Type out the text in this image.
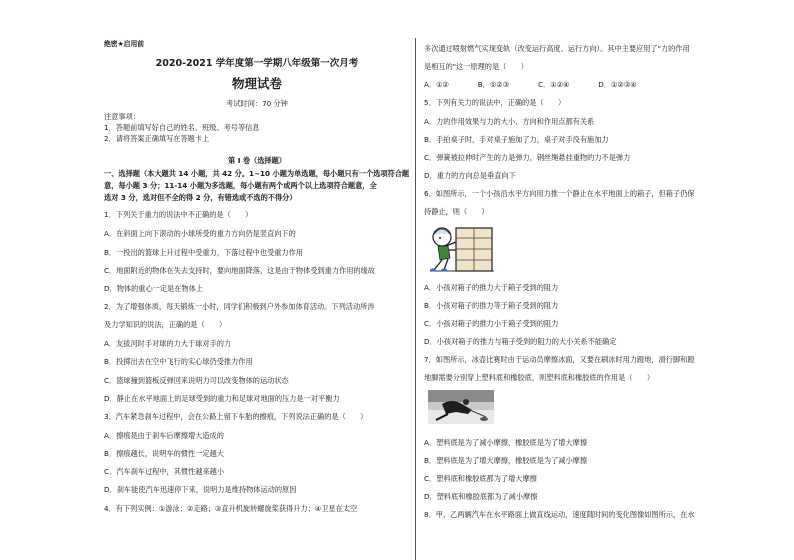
绝密★启用前
2020-2021 学年度第一学期八年级第一次月考
物理试卷
考试时间：70 分钟
注意事项：
1．答题前填写好自己的姓名、班级、考号等信息
2．请将答案正确填写在答题卡上
第 I 卷（选择题）
一、选择题（本大题共 14 小题，共 42 分。1~10 小题为单选题，每小题只有一个选项符合题
意，每小题 3 分；11-14 小题为多选题，每小题有两个或两个以上选项符合题意，全
选对 3 分，选对但不全的得 2 分，有错选或不选的不得分）
1．下列关于重力的说法中不正确的是（　　）
A．在斜面上向下滚动的小球所受的重力方向仍是竖直向下的
B．一投出的篮球上升过程中受重力，下落过程中也受重力作用
C．地面附近的物体在失去支持时，要向地面降落，这是由于物体受到重力作用的缘故
D．物体的重心一定是在物体上
2．为了增强体质，每天锻炼一小时，同学们积极到户外参加体育活动。下列活动所涉
及力学知识的说法，正确的是（　　）
A．友拔河时手对球的力大于球对手的力
B．投掷出去在空中飞行的实心球仍受推力作用
C．篮球撞到篮板反弹回来说明力可以改变物体的运动状态
D．静止在水平地面上的足球受到的重力和足球对地面的压力是一对平衡力
3．汽车紧急刹车过程中，会在公路上留下车胎的擦痕，下列说法正确的是（　　）
A．擦痕是由于刹车后摩擦增大造成的
B．擦痕越长，说明车的惯性一定越大
C．汽车刹车过程中，其惯性越来越小
D．刹车能使汽车迅速停下来，说明力是维持物体运动的原因
4．有下列实例：①游泳；②走路；③直升机旋转螺旋桨获得升力；④卫星在太空
多次通过喷射燃气实现变轨（改变运行高度、运行方向）。其中主要应用了"力的作用
是相互的"这一原理的是（　　）
A．①②　　　　B．①②③　　　　C．①②④　　　　D．①②③④
5．下列有关力的说法中，正确的是（　　）
A．力的作用效果与力的大小、方向和作用点都有关系
B．手拍桌子时，手对桌子施加了力，桌子对手没有施加力
C．弹簧被拉伸时产生的力是弹力，钢丝绳悬挂重物的力不是弹力
D．重力的方向总是垂直向下
6．如图所示，一个小孩沿水平方向用力推一个静止在水平地面上的箱子，但箱子仍保
持静止，则（　　）
A．小孩对箱子的推力大于箱子受到的阻力
B．小孩对箱子的推力等于箱子受到的阻力
C．小孩对箱子的推力小于箱子受到的阻力
D．小孩对箱子的推力与箱子受到的阻力的大小关系不能确定
7．如图所示，冰壶比赛时由于运动员摩擦冰面，又要在刷冰时用力蹬地，滑行脚和蹬
地脚需要分别穿上塑料底和橡胶底，则塑料底和橡胶底的作用是（　　）
A．塑料底是为了减小摩擦，橡胶底是为了增大摩擦
B．塑料底是为了增大摩擦，橡胶底是为了减小摩擦
C．塑料底和橡胶底都为了增大摩擦
D．塑料底和橡胶底都为了减小摩擦
8．甲、乙两辆汽车在水平路面上做直线运动，速度随时间的变化图像如图所示，在水
